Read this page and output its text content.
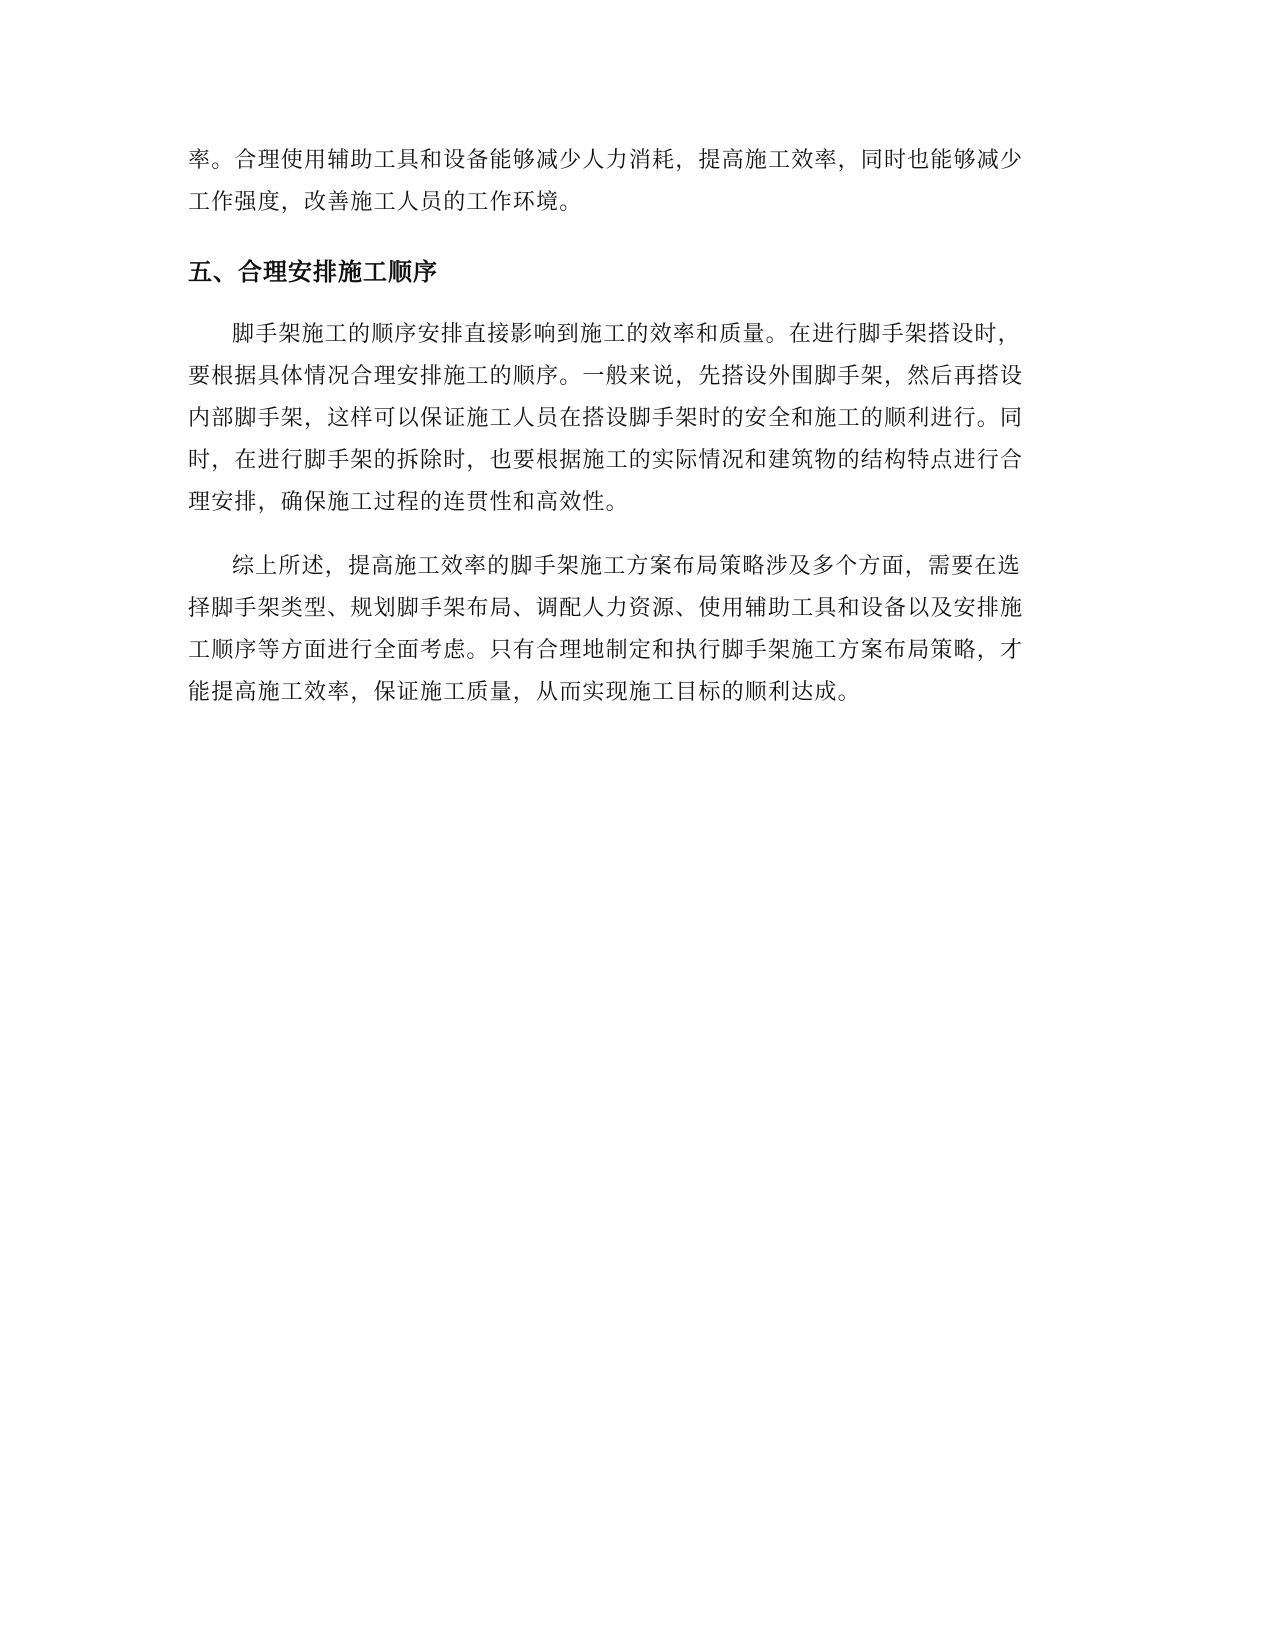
率。合理使用辅助工具和设备能够减少人力消耗，提高施工效率，同时也能够减少
工作强度，改善施工人员的工作环境。
五、合理安排施工顺序
脚手架施工的顺序安排直接影响到施工的效率和质量。在进行脚手架搭设时，
要根据具体情况合理安排施工的顺序。一般来说，先搭设外围脚手架，然后再搭设
内部脚手架，这样可以保证施工人员在搭设脚手架时的安全和施工的顺利进行。同
时，在进行脚手架的拆除时，也要根据施工的实际情况和建筑物的结构特点进行合
理安排，确保施工过程的连贯性和高效性。
综上所述，提高施工效率的脚手架施工方案布局策略涉及多个方面，需要在选
择脚手架类型、规划脚手架布局、调配人力资源、使用辅助工具和设备以及安排施
工顺序等方面进行全面考虑。只有合理地制定和执行脚手架施工方案布局策略，才
能提高施工效率，保证施工质量，从而实现施工目标的顺利达成。
